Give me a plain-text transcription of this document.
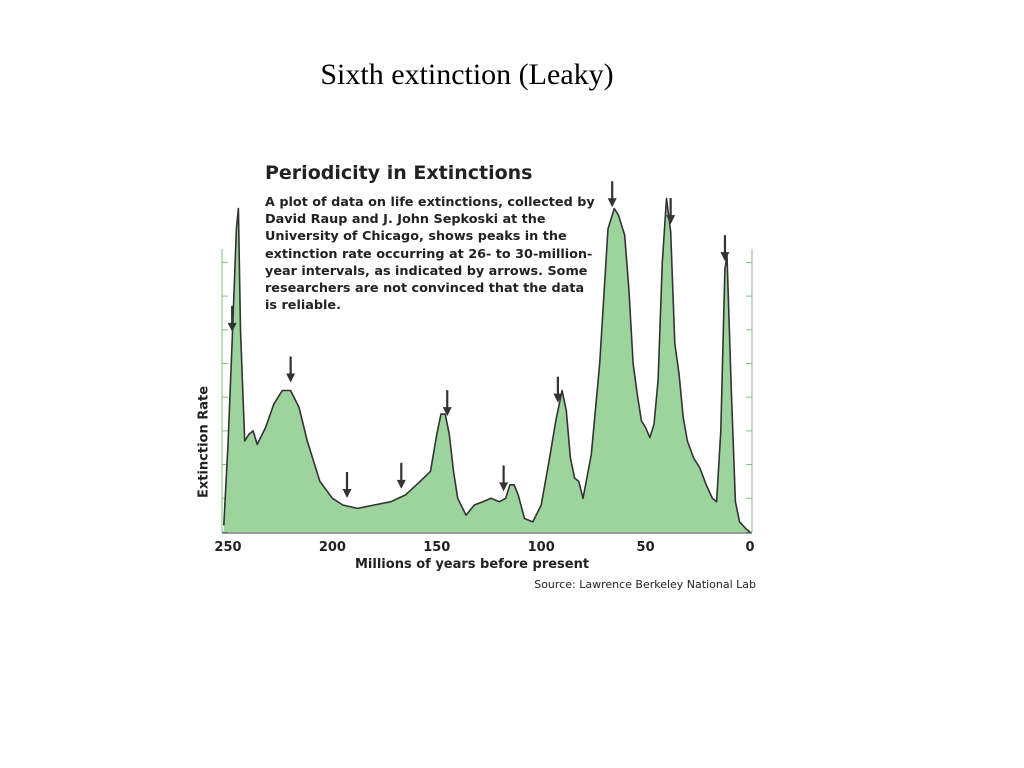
Sixth extinction (Leaky)
250	200	150	100	50	0
Periodicity in Extinctions

A plot of data on life extinctions, collected by David Raup and J. John Sepkoski at the University of Chicago, shows peaks in the extinction rate occurring at 26- to 30-million-year intervals, as indicated by arrows. Some researchers are not convinced that the data is reliable.

Extinction Rate
Millions of years before present
Source: Lawrence Berkeley National Lab
